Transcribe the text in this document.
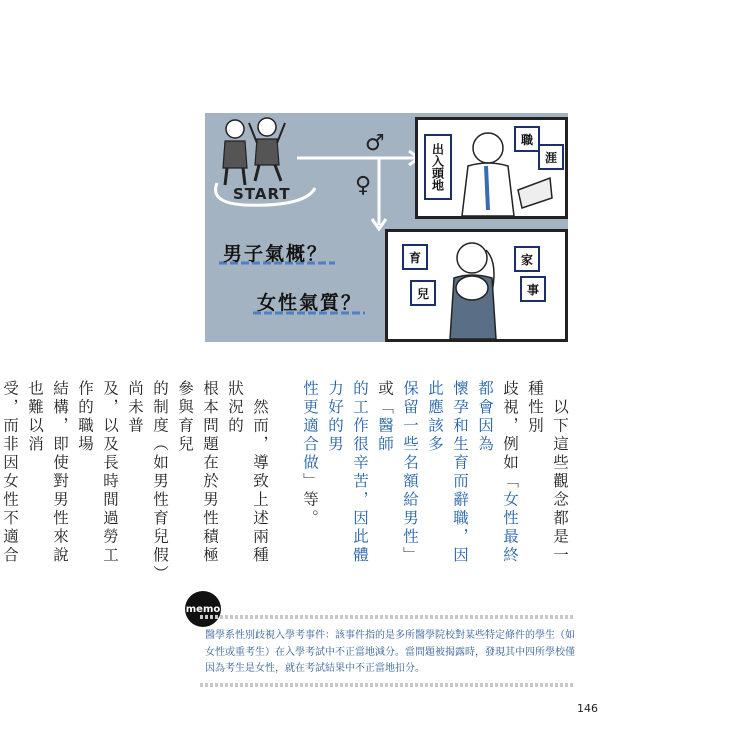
START
♂
♀
男子氣概？
女性氣質？
出入頭地
職
涯
育
兒
家
事
　以下這些觀念都是一種性別
歧視，例如「女性最終都會因為
懷孕和生育而辭職，因此應該多
保留一些名額給男性」或「醫師
的工作很辛苦，因此體力好的男
性更適合做」等。

　然而，導致上述兩種狀況的
根本問題在於男性積極參與育兒
的制度（如男性育兒假）尚未普
及，以及長時間過勞工作的職場
結構，即使對男性來說也難以消
受，而非因女性不適合
memo
醫學系性別歧視入學考事件：該事件指的是多所醫學院校對某些特定條件的學生（如女性或重考生）在入學考試中不正當地減分。當問題被揭露時，發現其中四所學校僅因為考生是女性，就在考試結果中不正當地扣分。
146
